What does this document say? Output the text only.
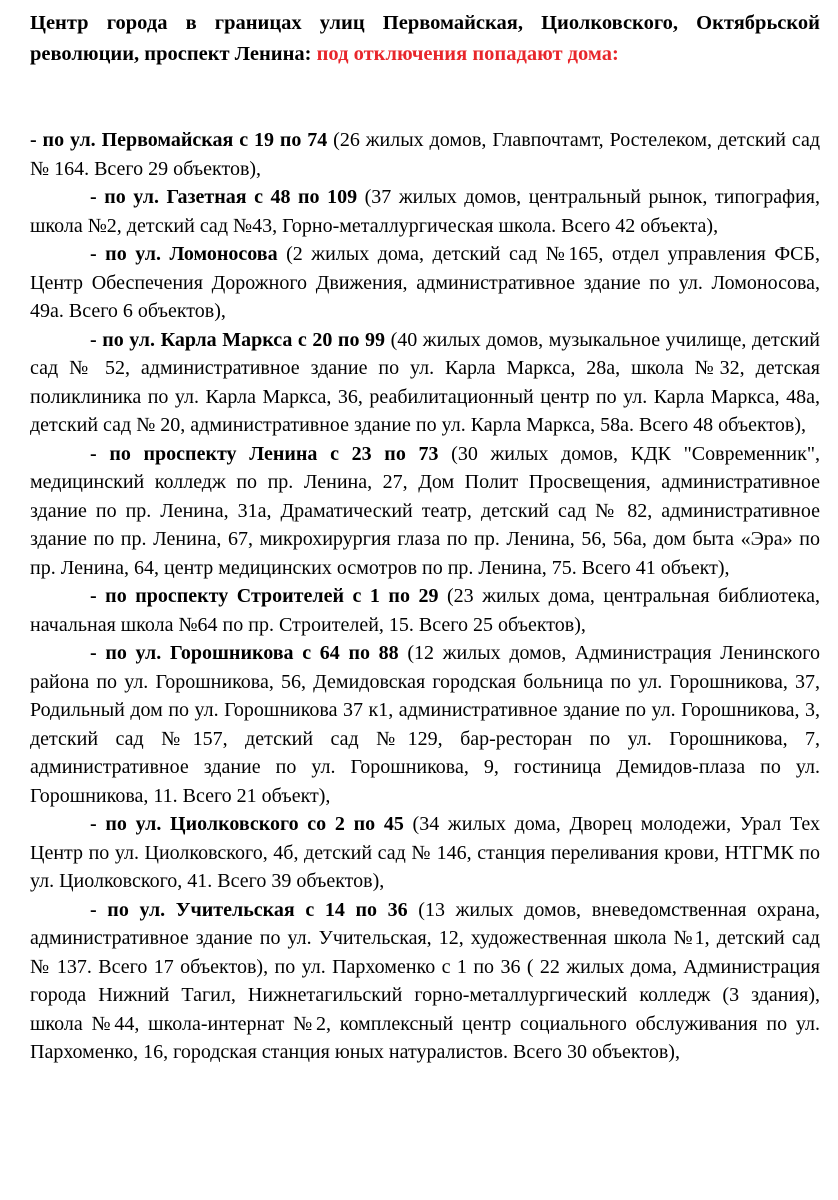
Центр города в границах улиц Первомайская, Циолковского, Октябрьской революции, проспект Ленина: под отключения попадают дома:

- по ул. Первомайская с 19 по 74 (26 жилых домов, Главпочтамт, Ростелеком, детский сад № 164. Всего 29 объектов),

- по ул. Газетная с 48 по 109 (37 жилых домов, центральный рынок, типография, школа №2, детский сад №43, Горно-металлургическая школа. Всего 42 объекта),

- по ул. Ломоносова (2 жилых дома, детский сад №165, отдел управления ФСБ, Центр Обеспечения Дорожного Движения, административное здание по ул. Ломоносова, 49а. Всего 6 объектов),

- по ул. Карла Маркса с 20 по 99 (40 жилых домов, музыкальное училище, детский сад № 52, административное здание по ул. Карла Маркса, 28а, школа №32, детская поликлиника по ул. Карла Маркса, 36, реабилитационный центр по ул. Карла Маркса, 48а, детский сад № 20, административное здание по ул. Карла Маркса, 58а. Всего 48 объектов),

- по проспекту Ленина с 23 по 73 (30 жилых домов, КДК "Современник", медицинский колледж по пр. Ленина, 27, Дом Полит Просвещения, административное здание по пр. Ленина, 31а, Драматический театр, детский сад № 82, административное здание по пр. Ленина, 67, микрохирургия глаза по пр. Ленина, 56, 56а, дом быта «Эра» по пр. Ленина, 64, центр медицинских осмотров по пр. Ленина, 75. Всего 41 объект),

- по проспекту Строителей с 1 по 29 (23 жилых дома, центральная библиотека, начальная школа №64 по пр. Строителей, 15. Всего 25 объектов),

- по ул. Горошникова с 64 по 88 (12 жилых домов, Администрация Ленинского района по ул. Горошникова, 56, Демидовская городская больница по ул. Горошникова, 37, Родильный дом по ул. Горошникова 37 к1, административное здание по ул. Горошникова, 3, детский сад №157, детский сад №129, бар-ресторан по ул. Горошникова, 7, административное здание по ул. Горошникова, 9, гостиница Демидов-плаза по ул. Горошникова, 11. Всего 21 объект),

- по ул. Циолковского со 2 по 45 (34 жилых дома, Дворец молодежи, Урал Тех Центр по ул. Циолковского, 4б, детский сад № 146, станция переливания крови, НТГМК по ул. Циолковского, 41. Всего 39 объектов),

- по ул. Учительская с 14 по 36 (13 жилых домов, вневедомственная охрана, административное здание по ул. Учительская, 12, художественная школа №1, детский сад № 137. Всего 17 объектов), по ул. Пархоменко с 1 по 36 ( 22 жилых дома, Администрация города Нижний Тагил, Нижнетагильский горно-металлургический колледж (3 здания), школа №44, школа-интернат №2, комплексный центр социального обслуживания по ул. Пархоменко, 16, городская станция юных натуралистов. Всего 30 объектов),
